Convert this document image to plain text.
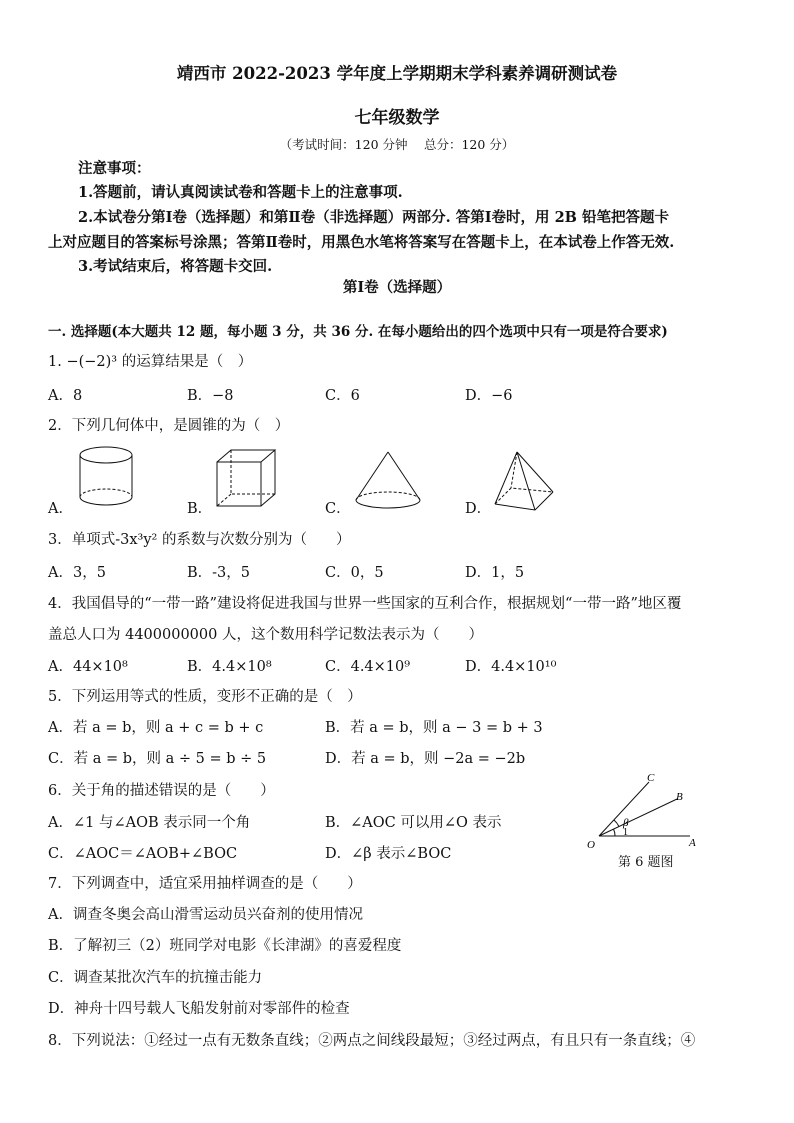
靖西市 2022-2023 学年度上学期期末学科素养调研测试卷
七年级数学
（考试时间：120 分钟　 总分：120 分）
注意事项：
1.答题前，请认真阅读试卷和答题卡上的注意事项.
2.本试卷分第Ⅰ卷（选择题）和第Ⅱ卷（非选择题）两部分. 答第Ⅰ卷时，用 2B 铅笔把答题卡
上对应题目的答案标号涂黑；答第Ⅱ卷时，用黑色水笔将答案写在答题卡上，在本试卷上作答无效.
3.考试结束后，将答题卡交回.
第Ⅰ卷（选择题）
一. 选择题(本大题共 12 题，每小题 3 分，共 36 分. 在每小题给出的四个选项中只有一项是符合要求)
1. −(−2)³ 的运算结果是（　）
A．8	B．−8	C．6	D．−6
2．下列几何体中，是圆锥的为（　）
A．	B．	C．	D．
3．单项式-3x³y² 的系数与次数分别为（　　）
A．3，5	B．-3，5	C．0，5	D．1，5
4．我国倡导的“一带一路”建设将促进我国与世界一些国家的互利合作，根据规划“一带一路”地区覆
盖总人口为 4400000000 人，这个数用科学记数法表示为（　　）
A．44×10⁸	B．4.4×10⁸	C．4.4×10⁹	D．4.4×10¹⁰
5．下列运用等式的性质，变形不正确的是（　）
A．若 a = b，则 a + c = b + c	B．若 a = b，则 a − 3 = b + 3
C．若 a = b，则 a ÷ 5 = b ÷ 5	D．若 a = b，则 −2a = −2b
6．关于角的描述错误的是（　　）
A．∠1 与∠AOB 表示同一个角	B．∠AOC 可以用∠O 表示
C．∠AOC＝∠AOB+∠BOC	D．∠β 表示∠BOC
C
B
A
O
β
1
第 6 题图
7．下列调查中，适宜采用抽样调查的是（　　）
A．调查冬奥会高山滑雪运动员兴奋剂的使用情况
B．了解初三（2）班同学对电影《长津湖》的喜爱程度
C．调查某批次汽车的抗撞击能力
D．神舟十四号载人飞船发射前对零部件的检查
8．下列说法：①经过一点有无数条直线；②两点之间线段最短；③经过两点，有且只有一条直线；④
